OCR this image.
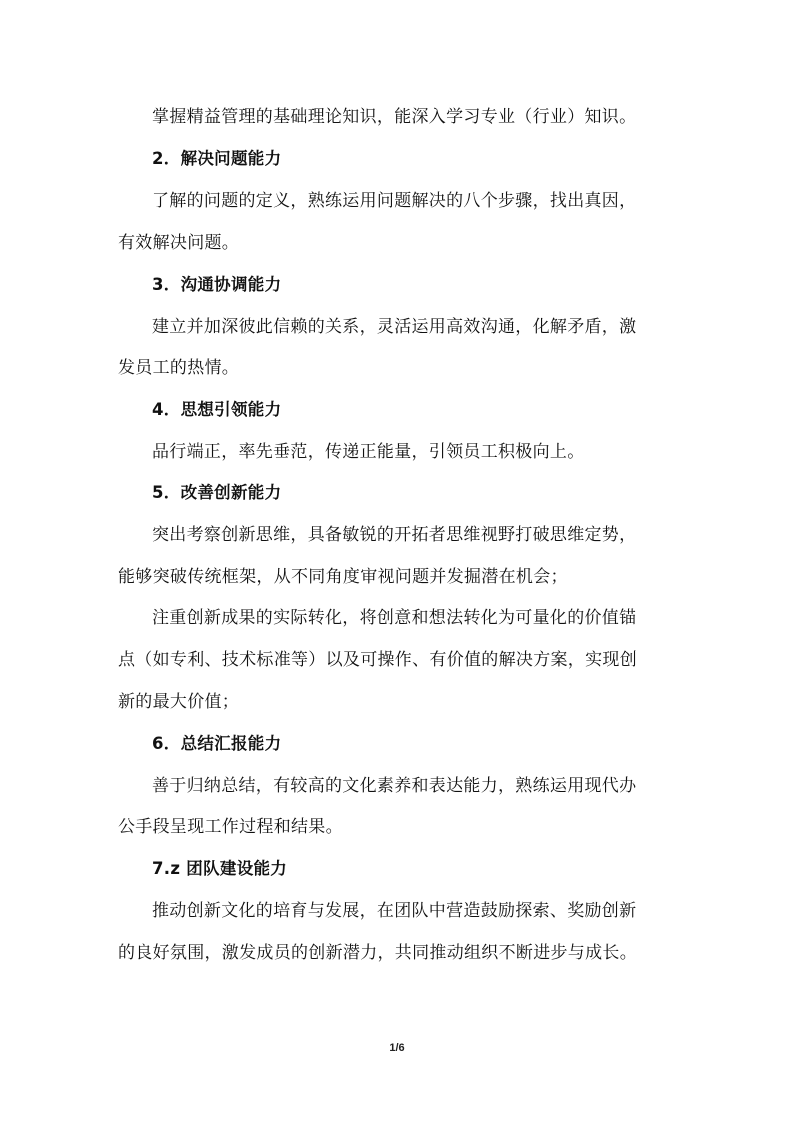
掌握精益管理的基础理论知识，能深入学习专业（行业）知识。
2．解决问题能力
了解的问题的定义，熟练运用问题解决的八个步骤，找出真因，
有效解决问题。
3．沟通协调能力
建立并加深彼此信赖的关系，灵活运用高效沟通，化解矛盾，激
发员工的热情。
4．思想引领能力
品行端正，率先垂范，传递正能量，引领员工积极向上。
5．改善创新能力
突出考察创新思维，具备敏锐的开拓者思维视野打破思维定势，
能够突破传统框架，从不同角度审视问题并发掘潜在机会；
注重创新成果的实际转化，将创意和想法转化为可量化的价值锚
点（如专利、技术标准等）以及可操作、有价值的解决方案，实现创
新的最大价值；
6．总结汇报能力
善于归纳总结，有较高的文化素养和表达能力，熟练运用现代办
公手段呈现工作过程和结果。
7.z 团队建设能力
推动创新文化的培育与发展，在团队中营造鼓励探索、奖励创新
的良好氛围，激发成员的创新潜力，共同推动组织不断进步与成长。
1/6
